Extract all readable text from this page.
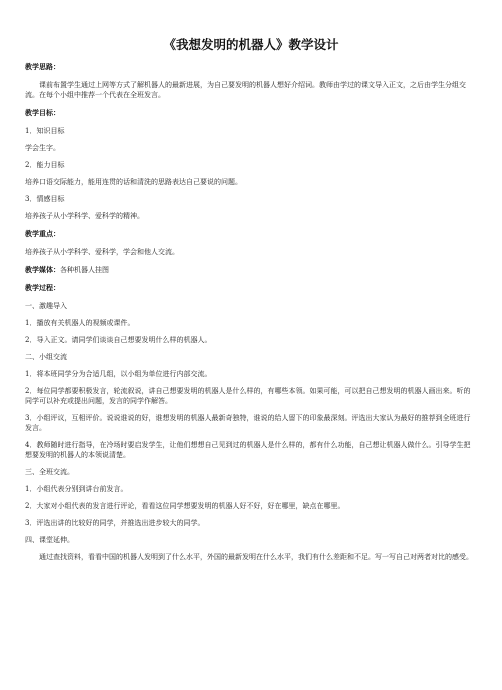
《我想发明的机器人》教学设计
教学思路：
课前布置学生通过上网等方式了解机器人的最新进展，为自己要发明的机器人想好介绍词。教师由学过的课文导入正文，之后由学生分组交流。在每个小组中推荐一个代表在全班发言。
教学目标：
1．知识目标
学会生字。
2．能力目标
培养口语交际能力，能用连贯的话和清洗的思路表达自己要说的问题。
3．情感目标
培养孩子从小学科学、爱科学的精神。
教学重点：
培养孩子从小学科学、爱科学，学会和他人交流。
教学媒体：各种机器人挂图
教学过程：
一、激趣导入
1．播放有关机器人的视频或课件。
2．导入正文。请同学们谈谈自己想要发明什么样的机器人。
二、小组交流
1．将本班同学分为合适几组，以小组为单位进行内部交流。
2．每位同学都要积极发言，轮流叙说，讲自己想要发明的机器人是什么样的，有哪些本领。如果可能，可以把自己想发明的机器人画出来。听的同学可以补充或提出问题，发言的同学作解答。
3．小组评议，互相评价。说说谁说的好，谁想发明的机器人最新奇独特，谁说的给人留下的印象最深刻。评选出大家认为最好的推荐到全班进行发言。
4．教师随时进行指导，在冷场时要启发学生，让他们想想自己见到过的机器人是什么样的，都有什么功能，自己想让机器人做什么。引导学生把想要发明的机器人的本领说清楚。
三、全班交流。
1．小组代表分别到讲台前发言。
2．大家对小组代表的发言进行评论，看看这位同学想要发明的机器人好不好，好在哪里，缺点在哪里。
3．评选出讲的比较好的同学，并推选出进步较大的同学。
四、课堂延伸。
通过查找资料，看看中国的机器人发明到了什么水平，外国的最新发明在什么水平，我们有什么差距和不足。写一写自己对两者对比的感受。
